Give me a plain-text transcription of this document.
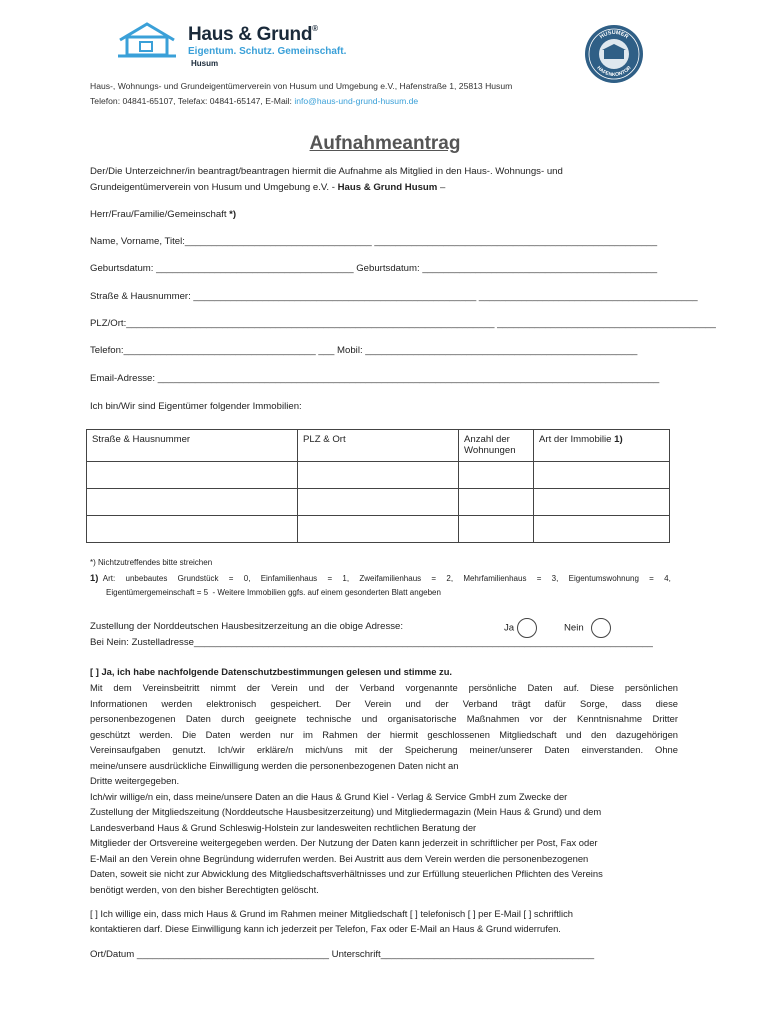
Haus & Grund®
Eigentum. Schutz. Gemeinschaft.
Husum
HUSUMER
HAFENKONTOR
Haus-, Wohnungs- und Grundeigentümerverein von Husum und Umgebung e.V., Hafenstraße 1, 25813 Husum
Telefon: 04841-65107, Telefax: 04841-65147, E-Mail: info@haus-und-grund-husum.de
Aufnahmeantrag
Der/Die Unterzeichner/in beantragt/beantragen hiermit die Aufnahme als Mitglied in den Haus-. Wohnungs- und
Grundeigentümerverein von Husum und Umgebung e.V. - Haus & Grund Husum –
Herr/Frau/Familie/Gemeinschaft *)
Name, Vorname, Titel:___________________________________ _____________________________________________________
Geburtsdatum: _____________________________________ Geburtsdatum: ____________________________________________
Straße & Hausnummer: _____________________________________________________ _________________________________________
PLZ/Ort:_____________________________________________________________________ _________________________________________
Telefon:____________________________________ ___ Mobil: ___________________________________________________
Email-Adresse: ______________________________________________________________________________________________
Ich bin/Wir sind Eigentümer folgender Immobilien:
Straße & Hausnummer	PLZ & Ort	Anzahl der Wohnungen	Art der Immobilie 1)

*) Nichtzutreffendes bitte streichen
1) Art: unbebautes Grundstück = 0, Einfamilienhaus = 1, Zweifamilienhaus = 2, Mehrfamilienhaus = 3, Eigentumswohnung = 4,
Eigentümergemeinschaft = 5 - Weitere Immobilien ggfs. auf einem gesonderten Blatt angeben
Zustellung der Norddeutschen Hausbesitzerzeitung an die obige Adresse:	Ja	Nein
Bei Nein: Zustelladresse______________________________________________________________________________________
[ ] Ja, ich habe nachfolgende Datenschutzbestimmungen gelesen und stimme zu.
Mit dem Vereinsbeitritt nimmt der Verein und der Verband vorgenannte persönliche Daten auf. Diese persönlichen
Informationen werden elektronisch gespeichert. Der Verein und der Verband trägt dafür Sorge, dass diese
personenbezogenen Daten durch geeignete technische und organisatorische Maßnahmen vor der Kenntnisnahme Dritter
geschützt werden. Die Daten werden nur im Rahmen der hiermit geschlossenen Mitgliedschaft und den dazugehörigen
Vereinsaufgaben genutzt. Ich/wir erkläre/n mich/uns mit der Speicherung meiner/unserer Daten einverstanden. Ohne
meine/unsere ausdrückliche Einwilligung werden die personenbezogenen Daten nicht an
Dritte weitergegeben.
Ich/wir willige/n ein, dass meine/unsere Daten an die Haus & Grund Kiel - Verlag & Service GmbH zum Zwecke der
Zustellung der Mitgliedszeitung (Norddeutsche Hausbesitzerzeitung) und Mitgliedermagazin (Mein Haus & Grund) und dem
Landesverband Haus & Grund Schleswig-Holstein zur landesweiten rechtlichen Beratung der
Mitglieder der Ortsvereine weitergegeben werden. Der Nutzung der Daten kann jederzeit in schriftlicher per Post, Fax oder
E-Mail an den Verein ohne Begründung widerrufen werden. Bei Austritt aus dem Verein werden die personenbezogenen
Daten, soweit sie nicht zur Abwicklung des Mitgliedschaftsverhältnisses und zur Erfüllung steuerlichen Pflichten des Vereins
benötigt werden, von den bisher Berechtigten gelöscht.
[ ] Ich willige ein, dass mich Haus & Grund im Rahmen meiner Mitgliedschaft [ ] telefonisch [ ] per E-Mail [ ] schriftlich
kontaktieren darf. Diese Einwilligung kann ich jederzeit per Telefon, Fax oder E-Mail an Haus & Grund widerrufen.
Ort/Datum ____________________________________ Unterschrift________________________________________
